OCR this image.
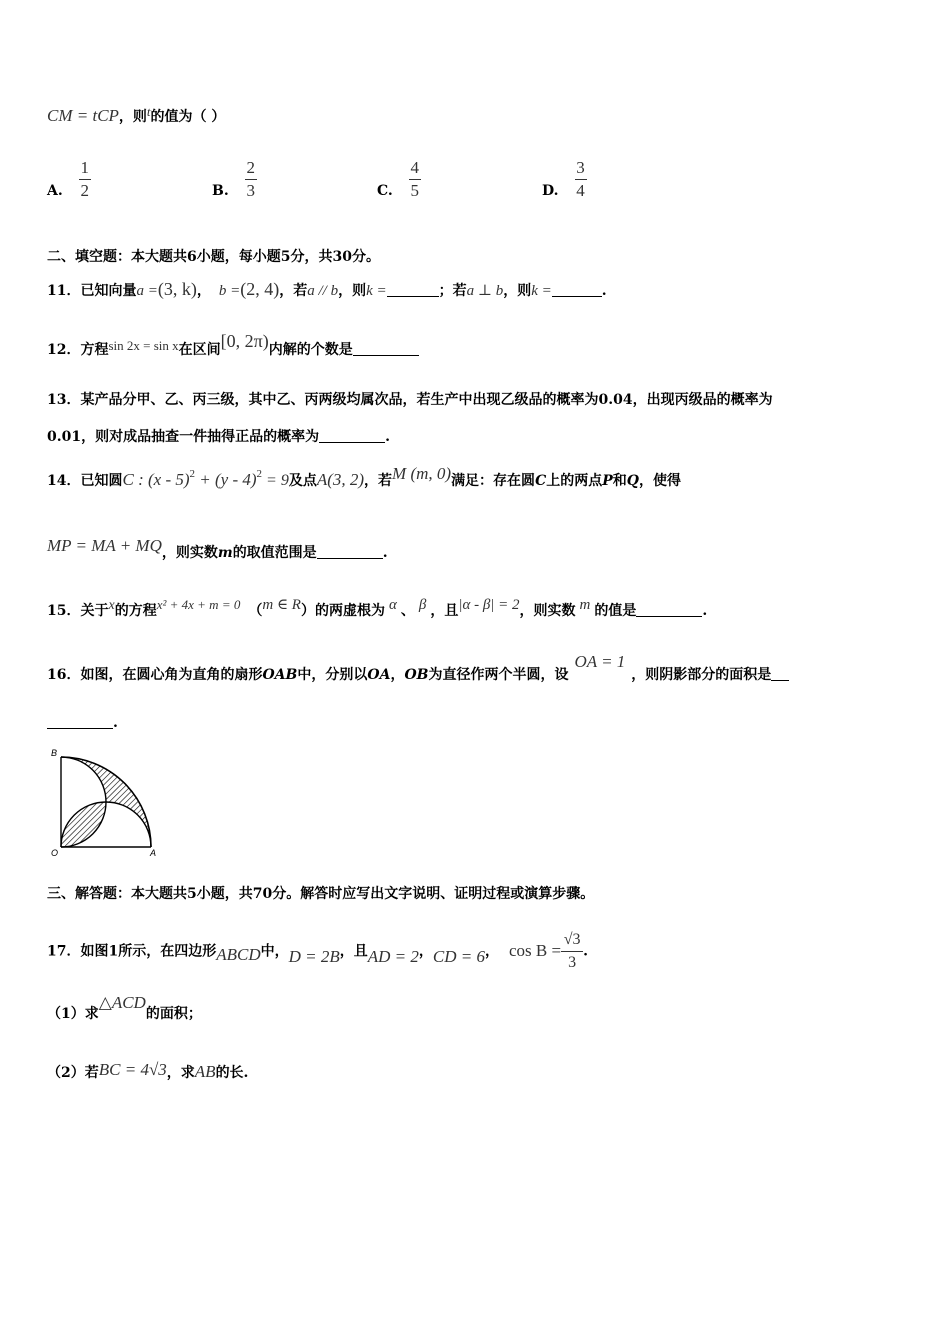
CM = tCP，则t的值为（ ）
A. $\frac{1}{2}$	B. $\frac{2}{3}$	C. $\frac{4}{5}$	D. $\frac{3}{4}$
二、填空题：本大题共6小题，每小题5分，共30分。
11．已知向量a =(3, k)， b =(2, 4)，若a // b，则k =	；若a ⊥ b，则k =	.
12．方程sin 2x = sin x在区间[0, 2π)内解的个数是
13．某产品分甲、乙、丙三级，其中乙、丙两级均属次品，若生产中出现乙级品的概率为0.04，出现丙级品的概率为
0.01，则对成品抽查一件抽得正品的概率为	.
14．已知圆C : (x - 5)$^2$ + (y - 4)$^2$ = 9及点A(3, 2)，若M (m, 0)满足：存在圆C上的两点P和Q，使得
MP = MA + MQ，则实数m的取值范围是	.
15．关于x的方程x² + 4x + m = 0 （m ∈ R）的两虚根为 α 、 β ，且|α - β| = 2，则实数 m 的值是	.
16．如图，在圆心角为直角的扇形OAB中，分别以OA，OB为直径作两个半圆，设OA = 1，则阴影部分的面积是
.
B
O	A
三、解答题：本大题共5小题，共70分。解答时应写出文字说明、证明过程或演算步骤。
17．如图1所示，在四边形ABCD中，D = 2B，且AD = 2，CD = 6， $\cos B = \frac{√3}{3}$ .
（1）求△ACD的面积；
（2）若BC = 4√3，求AB的长.
